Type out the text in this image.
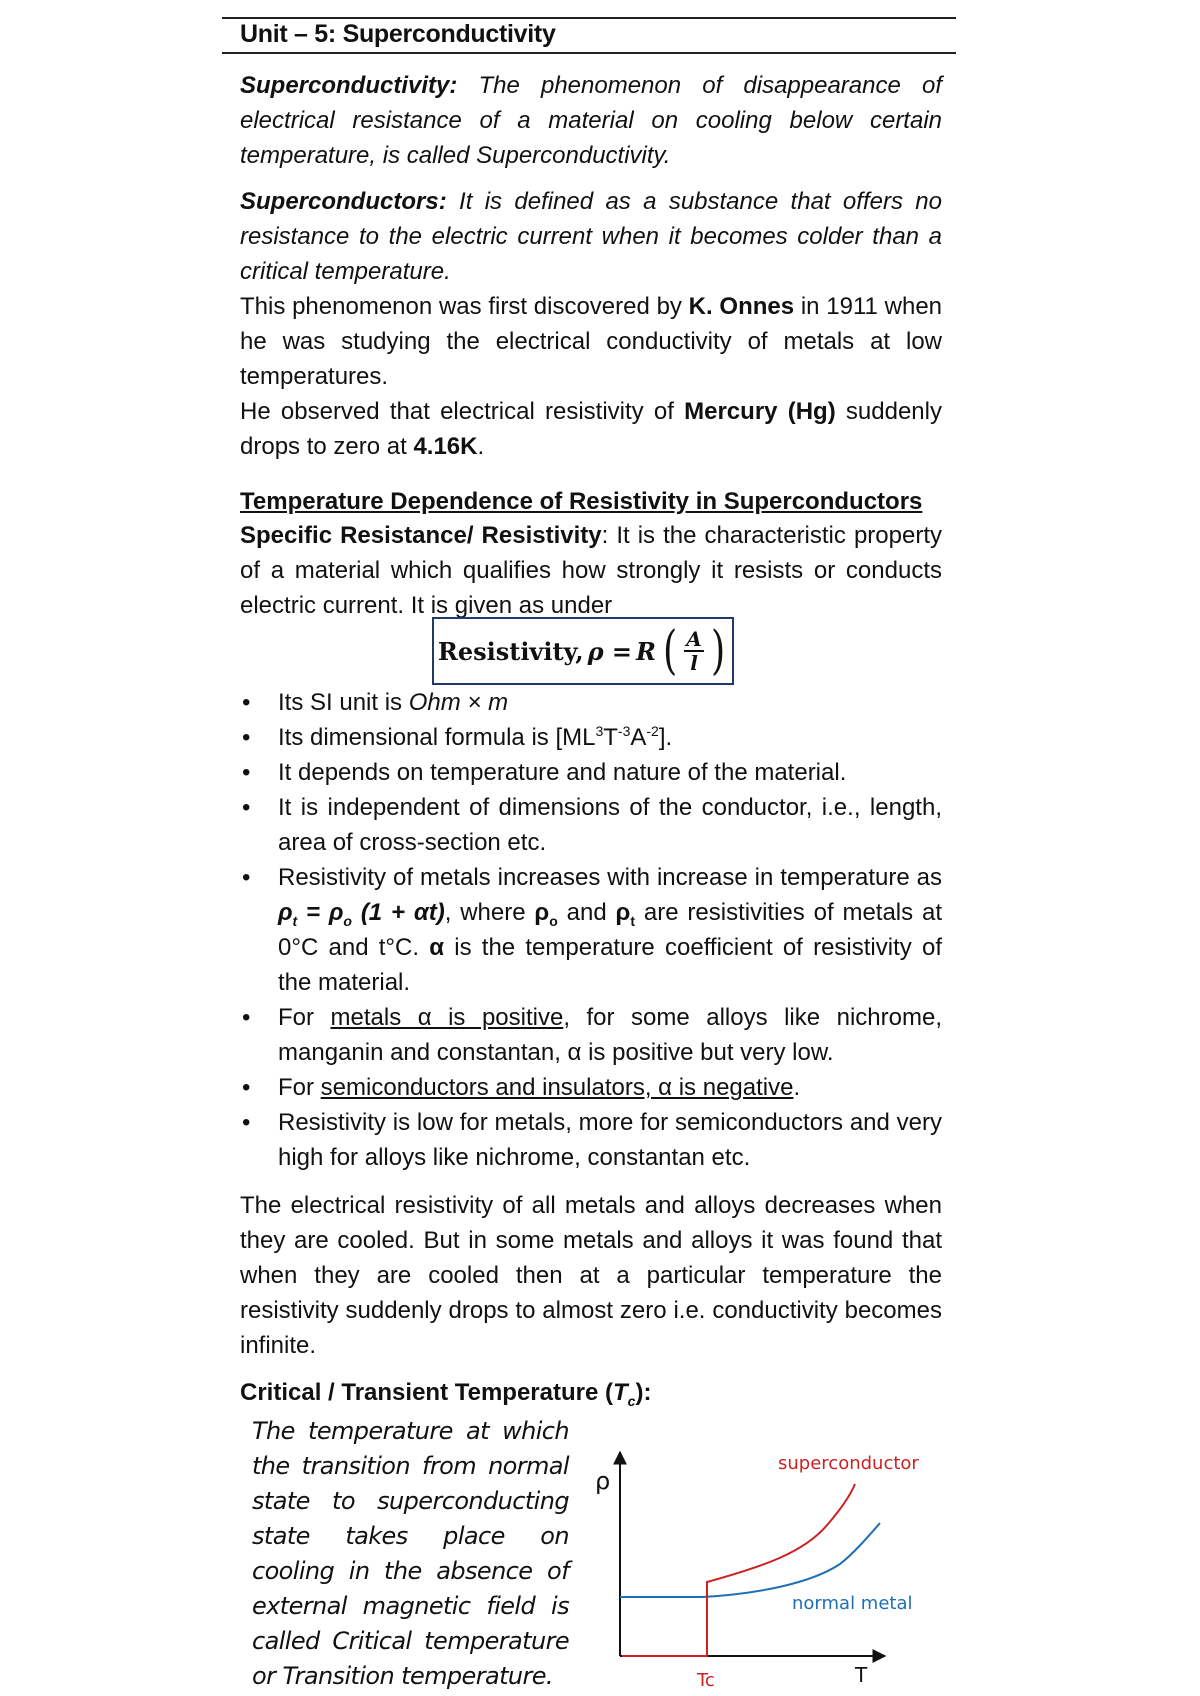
Unit – 5: Superconductivity

Superconductivity: The phenomenon of disappearance of electrical resistance of a material on cooling below certain temperature, is called Superconductivity.

Superconductors: It is defined as a substance that offers no resistance to the electric current when it becomes colder than a critical temperature.

This phenomenon was first discovered by K. Onnes in 1911 when he was studying the electrical conductivity of metals at low temperatures.

He observed that electrical resistivity of Mercury (Hg) suddenly drops to zero at 4.16K.

Temperature Dependence of Resistivity in Superconductors

Specific Resistance/ Resistivity: It is the characteristic property of a material which qualifies how strongly it resists or conducts electric current. It is given as under

Resistivity, ρ = R ( $\frac{A}{l}$ )
• Its SI unit is Ohm × m
• Its dimensional formula is $[ML^3T^{-3}A^{-2}]$.
• It depends on temperature and nature of the material.
• It is independent of dimensions of the conductor, i.e., length, area of cross-section etc.
• Resistivity of metals increases with increase in temperature as $\rho_t = \rho_o$ (1 + αt), where $\rho_o$ and $\rho_t$ are resistivities of metals at 0°C and t°C. α is the temperature coefficient of resistivity of the material.
• For metals α is positive, for some alloys like nichrome, manganin and constantan, α is positive but very low.
• For semiconductors and insulators, α is negative.
• Resistivity is low for metals, more for semiconductors and very high for alloys like nichrome, constantan etc.
The electrical resistivity of all metals and alloys decreases when they are cooled. But in some metals and alloys it was found that when they are cooled then at a particular temperature the resistivity suddenly drops to almost zero i.e. conductivity becomes infinite.
Critical / Transient Temperature $(T_c)$:
The temperature at which the transition from normal state to superconducting state takes place on cooling in the absence of external magnetic field is called Critical temperature or Transition temperature.
ρ
T
superconductor
normal metal
Tc
